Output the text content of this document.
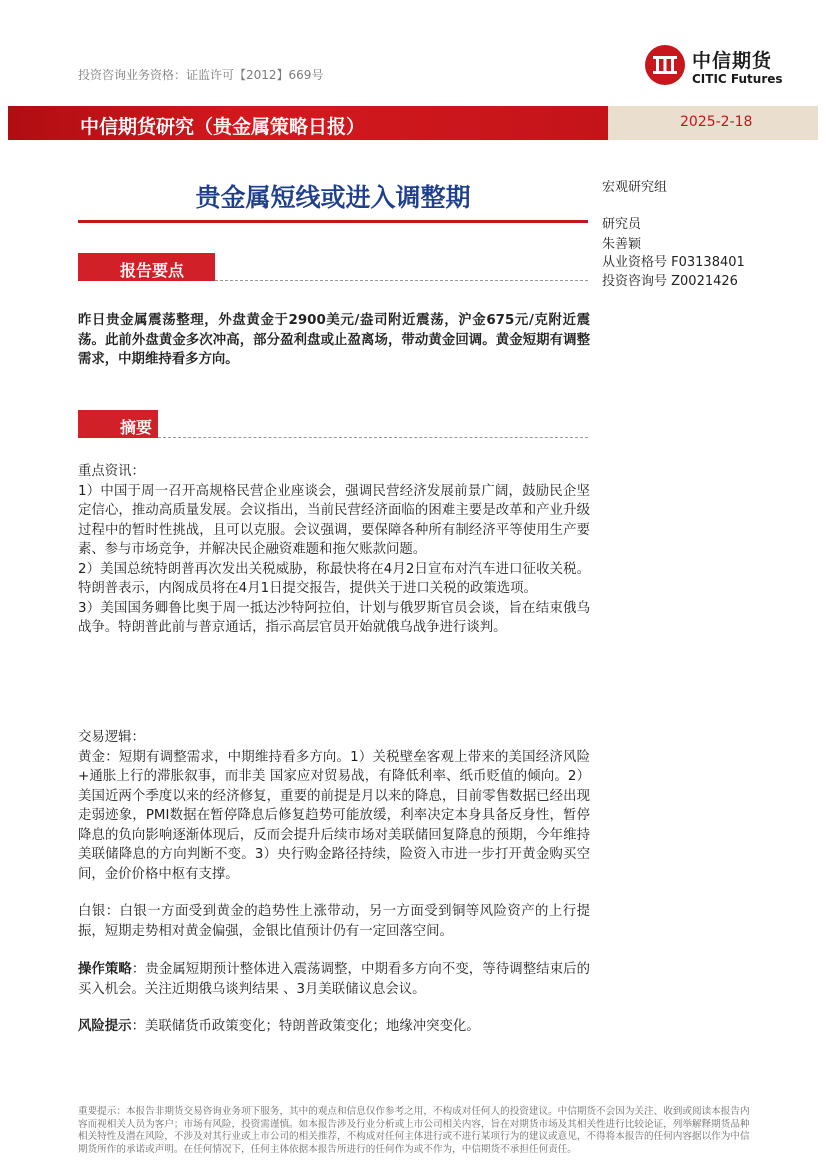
投资咨询业务资格：证监许可【2012】669号
中信期货
CITIC Futures
中信期货研究（贵金属策略日报）	2025-2-18
贵金属短线或进入调整期	宏观研究组
研究员
朱善颖
从业资格号 F03138401
投资咨询号 Z0021426
报告要点
昨日贵金属震荡整理，外盘黄金于2900美元/盎司附近震荡，沪金675元/克附近震荡。此前外盘黄金多次冲高，部分盈利盘或止盈离场，带动黄金回调。黄金短期有调整需求，中期维持看多方向。
摘要
重点资讯：
1）中国于周一召开高规格民营企业座谈会，强调民营经济发展前景广阔，鼓励民企坚定信心，推动高质量发展。会议指出，当前民营经济面临的困难主要是改革和产业升级过程中的暂时性挑战，且可以克服。会议强调，要保障各种所有制经济平等使用生产要素、参与市场竞争，并解决民企融资难题和拖欠账款问题。
2）美国总统特朗普再次发出关税威胁，称最快将在4月2日宣布对汽车进口征收关税。特朗普表示，内阁成员将在4月1日提交报告，提供关于进口关税的政策选项。
3）美国国务卿鲁比奥于周一抵达沙特阿拉伯，计划与俄罗斯官员会谈，旨在结束俄乌战争。特朗普此前与普京通话，指示高层官员开始就俄乌战争进行谈判。
交易逻辑：
黄金：短期有调整需求，中期维持看多方向。1）关税壁垒客观上带来的美国经济风险+通胀上行的滞胀叙事，而非美 国家应对贸易战，有降低利率、纸币贬值的倾向。2）美国近两个季度以来的经济修复，重要的前提是月以来的降息，目前零售数据已经出现走弱迹象，PMI数据在暂停降息后修复趋势可能放缓，利率决定本身具备反身性，暂停降息的负向影响逐渐体现后，反而会提升后续市场对美联储回复降息的预期，今年维持美联储降息的方向判断不变。3）央行购金路径持续，险资入市进一步打开黄金购买空间，金价价格中枢有支撑。
白银：白银一方面受到黄金的趋势性上涨带动，另一方面受到铜等风险资产的上行提振，短期走势相对黄金偏强，金银比值预计仍有一定回落空间。
操作策略：贵金属短期预计整体进入震荡调整，中期看多方向不变，等待调整结束后的买入机会。关注近期俄乌谈判结果 、3月美联储议息会议。
风险提示：美联储货币政策变化；特朗普政策变化；地缘冲突变化。
重要提示：本报告非期货交易咨询业务项下服务，其中的观点和信息仅作参考之用，不构成对任何人的投资建议。中信期货不会因为关注、收到或阅读本报告内容而视相关人员为客户；市场有风险，投资需谨慎。如本报告涉及行业分析或上市公司相关内容，旨在对期货市场及其相关性进行比较论证，列举解释期货品种相关特性及潜在风险，不涉及对其行业或上市公司的相关推荐，不构成对任何主体进行或不进行某项行为的建议或意见，不得将本报告的任何内容据以作为中信期货所作的承诺或声明。在任何情况下，任何主体依据本报告所进行的任何作为或不作为，中信期货不承担任何责任。
